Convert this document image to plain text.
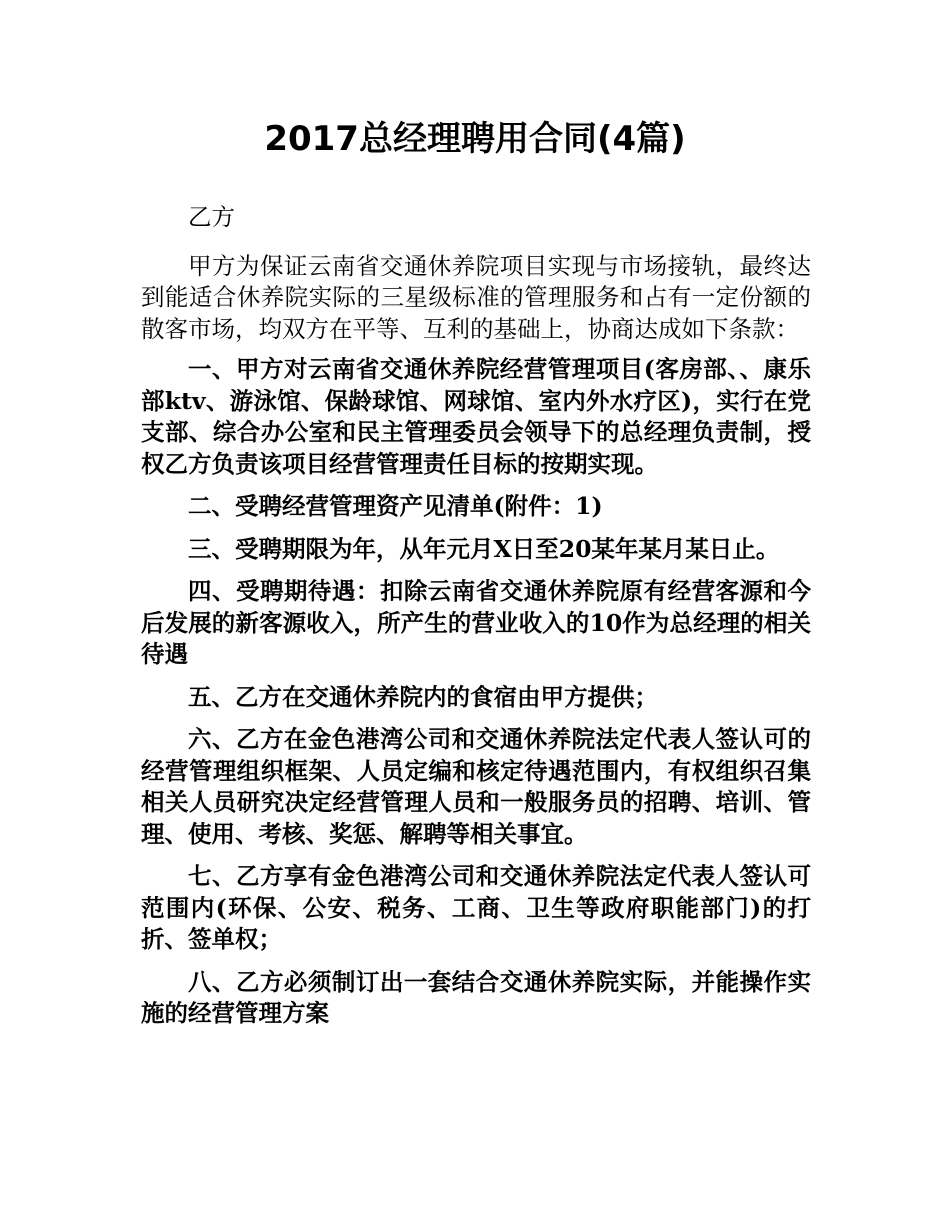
2017总经理聘用合同(4篇)

乙方

甲方为保证云南省交通休养院项目实现与市场接轨，最终达到能适合休养院实际的三星级标准的管理服务和占有一定份额的散客市场，均双方在平等、互利的基础上，协商达成如下条款：

一、甲方对云南省交通休养院经营管理项目(客房部、、康乐部ktv、游泳馆、保龄球馆、网球馆、室内外水疗区)，实行在党支部、综合办公室和民主管理委员会领导下的总经理负责制，授权乙方负责该项目经营管理责任目标的按期实现。

二、受聘经营管理资产见清单(附件：1)

三、受聘期限为年，从年元月X日至20某年某月某日止。

四、受聘期待遇：扣除云南省交通休养院原有经营客源和今后发展的新客源收入，所产生的营业收入的10作为总经理的相关待遇

五、乙方在交通休养院内的食宿由甲方提供；

六、乙方在金色港湾公司和交通休养院法定代表人签认可的经营管理组织框架、人员定编和核定待遇范围内，有权组织召集相关人员研究决定经营管理人员和一般服务员的招聘、培训、管理、使用、考核、奖惩、解聘等相关事宜。

七、乙方享有金色港湾公司和交通休养院法定代表人签认可范围内(环保、公安、税务、工商、卫生等政府职能部门)的打折、签单权；

八、乙方必须制订出一套结合交通休养院实际，并能操作实施的经营管理方案
